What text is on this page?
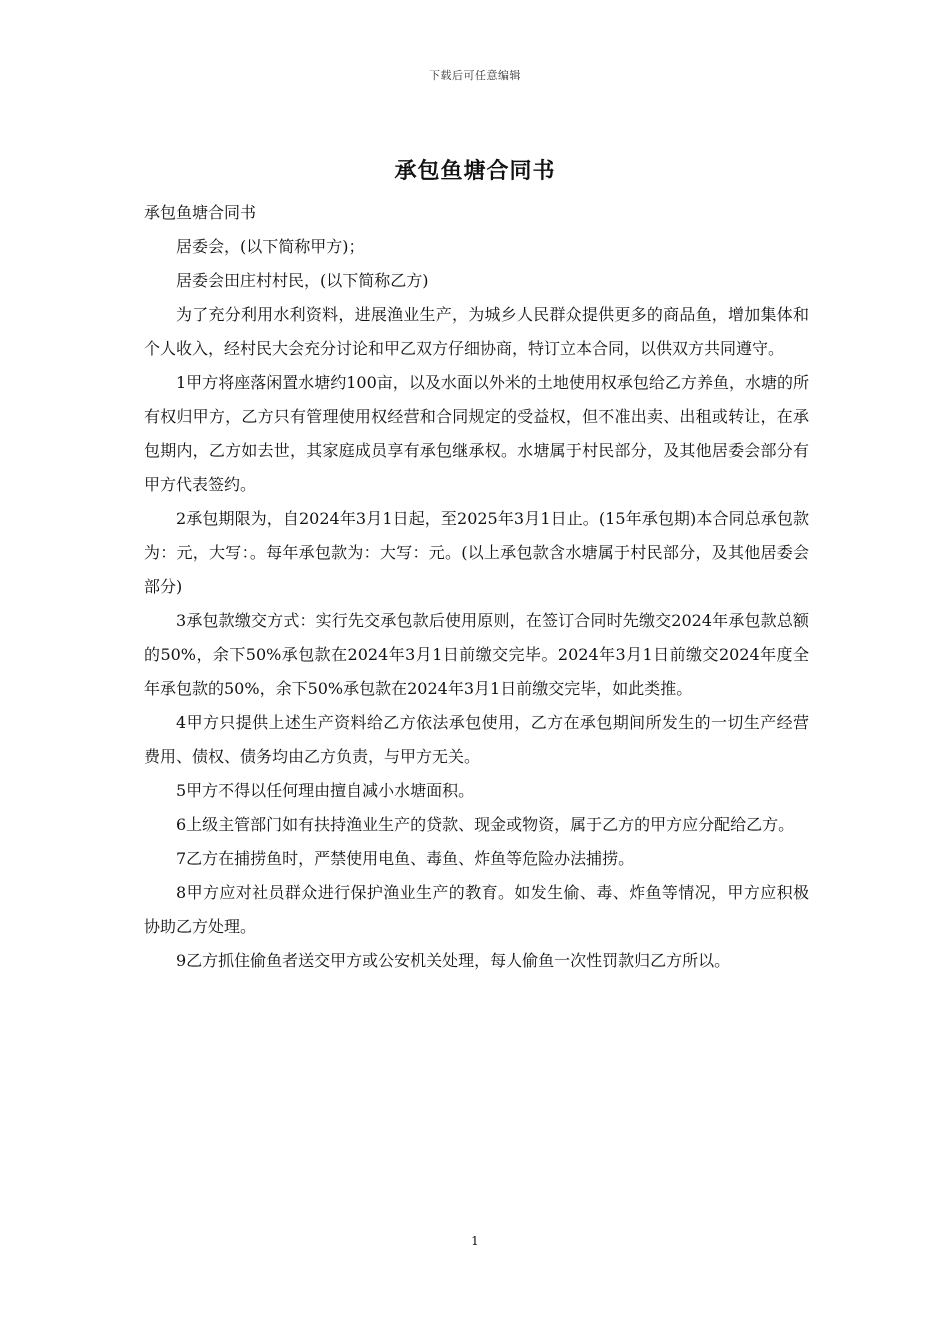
下载后可任意编辑
承包鱼塘合同书

承包鱼塘合同书

居委会，(以下简称甲方)；

居委会田庄村村民，(以下简称乙方)

为了充分利用水利资料，进展渔业生产，为城乡人民群众提供更多的商品鱼，增加集体和个人收入，经村民大会充分讨论和甲乙双方仔细协商，特订立本合同，以供双方共同遵守。

1甲方将座落闲置水塘约100亩，以及水面以外米的土地使用权承包给乙方养鱼，水塘的所有权归甲方，乙方只有管理使用权经营和合同规定的受益权，但不准出卖、出租或转让，在承包期内，乙方如去世，其家庭成员享有承包继承权。水塘属于村民部分，及其他居委会部分有甲方代表签约。

2承包期限为，自2024年3月1日起，至2025年3月1日止。(15年承包期)本合同总承包款为：元，大写：。每年承包款为：大写：元。(以上承包款含水塘属于村民部分，及其他居委会部分)

3承包款缴交方式：实行先交承包款后使用原则，在签订合同时先缴交2024年承包款总额的50%，余下50%承包款在2024年3月1日前缴交完毕。2024年3月1日前缴交2024年度全年承包款的50%，余下50%承包款在2024年3月1日前缴交完毕，如此类推。

4甲方只提供上述生产资料给乙方依法承包使用，乙方在承包期间所发生的一切生产经营费用、债权、债务均由乙方负责，与甲方无关。

5甲方不得以任何理由擅自减小水塘面积。

6上级主管部门如有扶持渔业生产的贷款、现金或物资，属于乙方的甲方应分配给乙方。

7乙方在捕捞鱼时，严禁使用电鱼、毒鱼、炸鱼等危险办法捕捞。

8甲方应对社员群众进行保护渔业生产的教育。如发生偷、毒、炸鱼等情况，甲方应积极协助乙方处理。

9乙方抓住偷鱼者送交甲方或公安机关处理，每人偷鱼一次性罚款归乙方所以。

1
